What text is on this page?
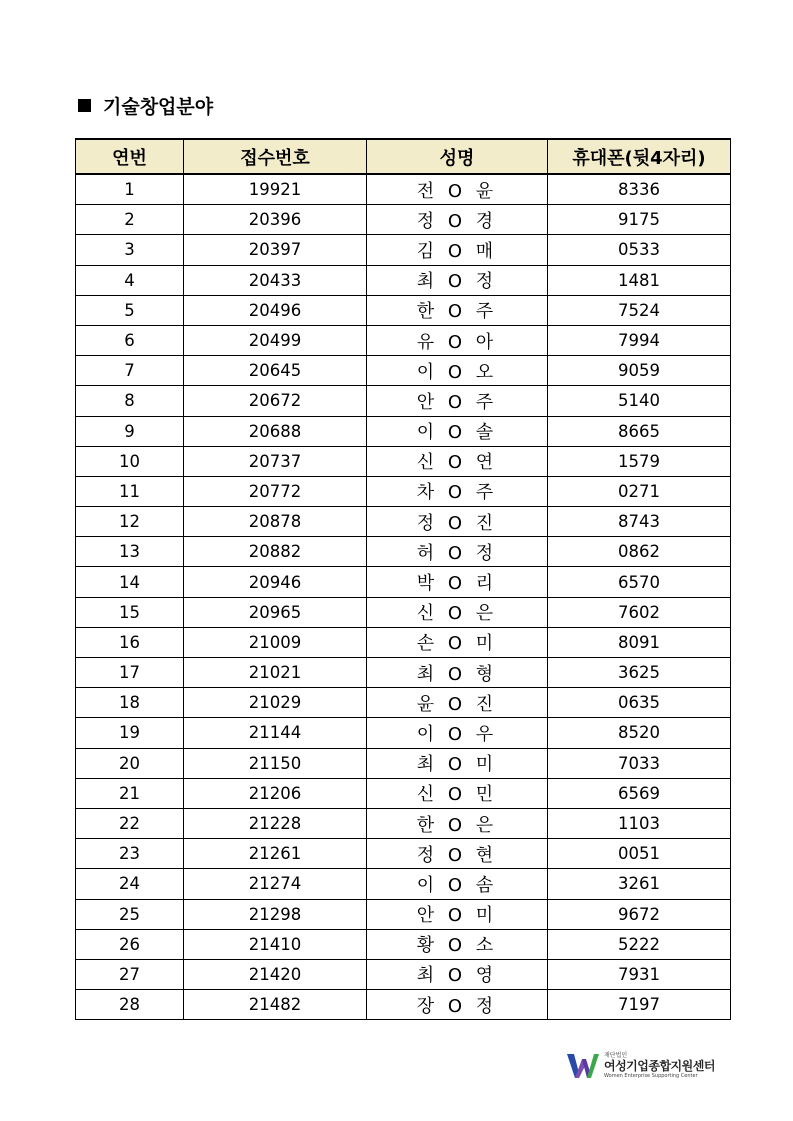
기술창업분야
연번	접수번호	성명	휴대폰(뒷4자리)
1	19921	전 O 윤	8336
2	20396	정 O 경	9175
3	20397	김 O 매	0533
4	20433	최 O 정	1481
5	20496	한 O 주	7524
6	20499	유 O 아	7994
7	20645	이 O 오	9059
8	20672	안 O 주	5140
9	20688	이 O 솔	8665
10	20737	신 O 연	1579
11	20772	차 O 주	0271
12	20878	정 O 진	8743
13	20882	허 O 정	0862
14	20946	박 O 리	6570
15	20965	신 O 은	7602
16	21009	손 O 미	8091
17	21021	최 O 형	3625
18	21029	윤 O 진	0635
19	21144	이 O 우	8520
20	21150	최 O 미	7033
21	21206	신 O 민	6569
22	21228	한 O 은	1103
23	21261	정 O 현	0051
24	21274	이 O 솜	3261
25	21298	안 O 미	9672
26	21410	황 O 소	5222
27	21420	최 O 영	7931
28	21482	장 O 정	7197
재단법인
여성기업종합지원센터
Women Enterprise Supporting Center
